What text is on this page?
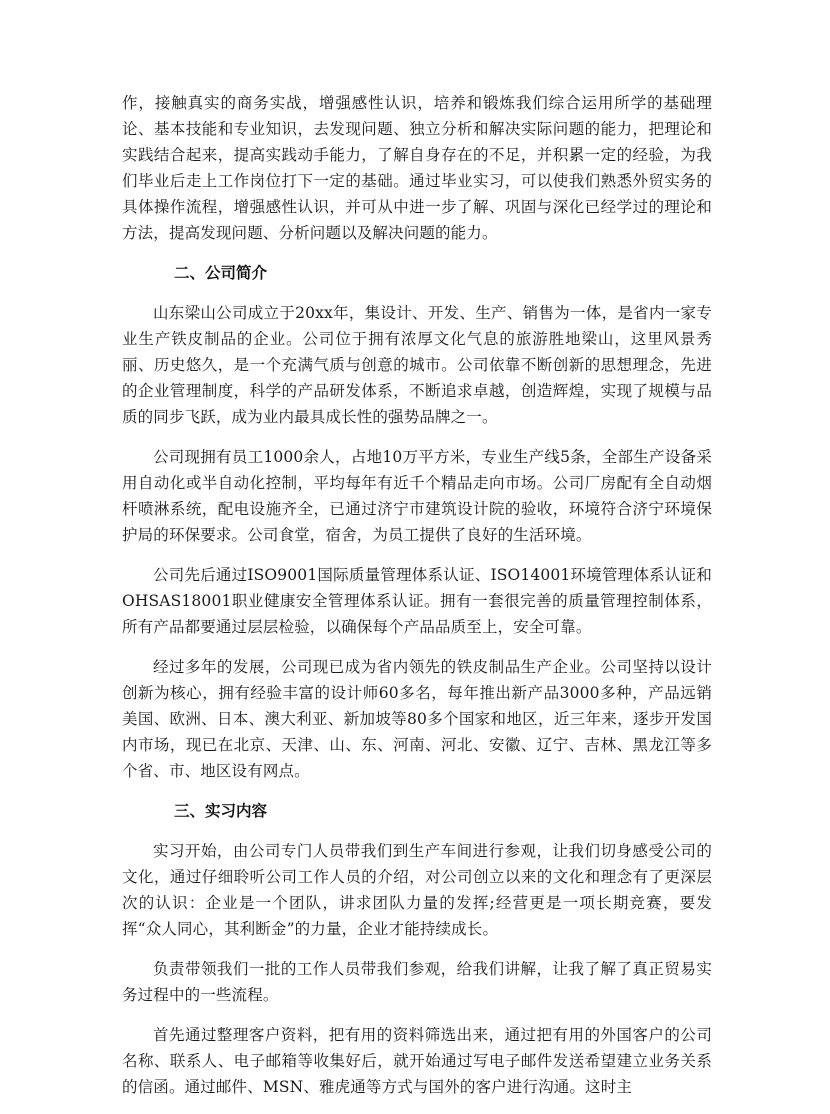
作，接触真实的商务实战，增强感性认识，培养和锻炼我们综合运用所学的基础理论、基本技能和专业知识，去发现问题、独立分析和解决实际问题的能力，把理论和实践结合起来，提高实践动手能力，了解自身存在的不足，并积累一定的经验，为我们毕业后走上工作岗位打下一定的基础。通过毕业实习，可以使我们熟悉外贸实务的具体操作流程，增强感性认识，并可从中进一步了解、巩固与深化已经学过的理论和方法，提高发现问题、分析问题以及解决问题的能力。

二、公司简介

山东梁山公司成立于20xx年，集设计、开发、生产、销售为一体，是省内一家专业生产铁皮制品的企业。公司位于拥有浓厚文化气息的旅游胜地梁山，这里风景秀丽、历史悠久，是一个充满气质与创意的城市。公司依靠不断创新的思想理念，先进的企业管理制度，科学的产品研发体系，不断追求卓越，创造辉煌，实现了规模与品质的同步飞跃，成为业内最具成长性的强势品牌之一。

公司现拥有员工1000余人，占地10万平方米，专业生产线5条，全部生产设备采用自动化或半自动化控制，平均每年有近千个精品走向市场。公司厂房配有全自动烟杆喷淋系统，配电设施齐全，已通过济宁市建筑设计院的验收，环境符合济宁环境保护局的环保要求。公司食堂，宿舍，为员工提供了良好的生活环境。

公司先后通过ISO9001国际质量管理体系认证、ISO14001环境管理体系认证和OHSAS18001职业健康安全管理体系认证。拥有一套很完善的质量管理控制体系，所有产品都要通过层层检验，以确保每个产品品质至上，安全可靠。

经过多年的发展，公司现已成为省内领先的铁皮制品生产企业。公司坚持以设计创新为核心，拥有经验丰富的设计师60多名，每年推出新产品3000多种，产品远销美国、欧洲、日本、澳大利亚、新加坡等80多个国家和地区，近三年来，逐步开发国内市场，现已在北京、天津、山、东、河南、河北、安徽、辽宁、吉林、黑龙江等多个省、市、地区设有网点。

三、实习内容

实习开始，由公司专门人员带我们到生产车间进行参观，让我们切身感受公司的文化，通过仔细聆听公司工作人员的介绍，对公司创立以来的文化和理念有了更深层次的认识：企业是一个团队，讲求团队力量的发挥;经营更是一项长期竞赛，要发挥“众人同心，其利断金”的力量，企业才能持续成长。

负责带领我们一批的工作人员带我们参观，给我们讲解，让我了解了真正贸易实务过程中的一些流程。

首先通过整理客户资料，把有用的资料筛选出来，通过把有用的外国客户的公司名称、联系人、电子邮箱等收集好后，就开始通过写电子邮件发送希望建立业务关系的信函。通过邮件、MSN、雅虎通等方式与国外的客户进行沟通。这时主
